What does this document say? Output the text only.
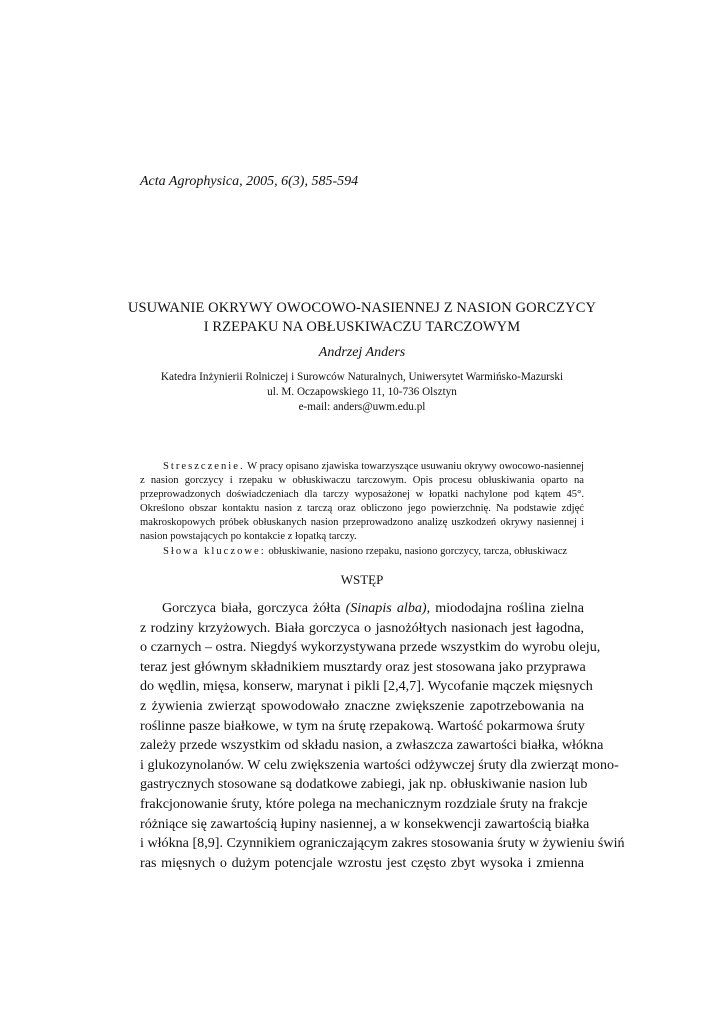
Acta Agrophysica, 2005, 6(3), 585-594
USUWANIE OKRYWY OWOCOWO-NASIENNEJ Z NASION GORCZYCY
I RZEPAKU NA OBŁUSKIWACZU TARCZOWYM
Andrzej Anders
Katedra Inżynierii Rolniczej i Surowców Naturalnych, Uniwersytet Warmińsko-Mazurski
ul. M. Oczapowskiego 11, 10-736 Olsztyn
e-mail: anders@uwm.edu.pl

Streszczenie. W pracy opisano zjawiska towarzyszące usuwaniu okrywy owocowo-nasiennej z nasion gorczycy i rzepaku w obłuskiwaczu tarczowym. Opis procesu obłuskiwania oparto na przeprowadzonych doświadczeniach dla tarczy wyposażonej w łopatki nachylone pod kątem 45°. Określono obszar kontaktu nasion z tarczą oraz obliczono jego powierzchnię. Na podstawie zdjęć makroskopowych próbek obłuskanych nasion przeprowadzono analizę uszkodzeń okrywy nasiennej i nasion powstających po kontakcie z łopatką tarczy.

Słowa kluczowe: obłuskiwanie, nasiono rzepaku, nasiono gorczycy, tarcza, obłuskiwacz

WSTĘP
Gorczyca biała, gorczyca żółta (Sinapis alba), miododajna roślina zielna
z rodziny krzyżowych. Biała gorczyca o jasnożółtych nasionach jest łagodna,
o czarnych – ostra. Niegdyś wykorzystywana przede wszystkim do wyrobu oleju,
teraz jest głównym składnikiem musztardy oraz jest stosowana jako przyprawa
do wędlin, mięsa, konserw, marynat i pikli [2,4,7]. Wycofanie mączek mięsnych
z żywienia zwierząt spowodowało znaczne zwiększenie zapotrzebowania na
roślinne pasze białkowe, w tym na śrutę rzepakową. Wartość pokarmowa śruty
zależy przede wszystkim od składu nasion, a zwłaszcza zawartości białka, włókna
i glukozynolanów. W celu zwiększenia wartości odżywczej śruty dla zwierząt mono-
gastrycznych stosowane są dodatkowe zabiegi, jak np. obłuskiwanie nasion lub
frakcjonowanie śruty, które polega na mechanicznym rozdziale śruty na frakcje
różniące się zawartością łupiny nasiennej, a w konsekwencji zawartością białka
i włókna [8,9]. Czynnikiem ograniczającym zakres stosowania śruty w żywieniu świń
ras mięsnych o dużym potencjale wzrostu jest często zbyt wysoka i zmienna
